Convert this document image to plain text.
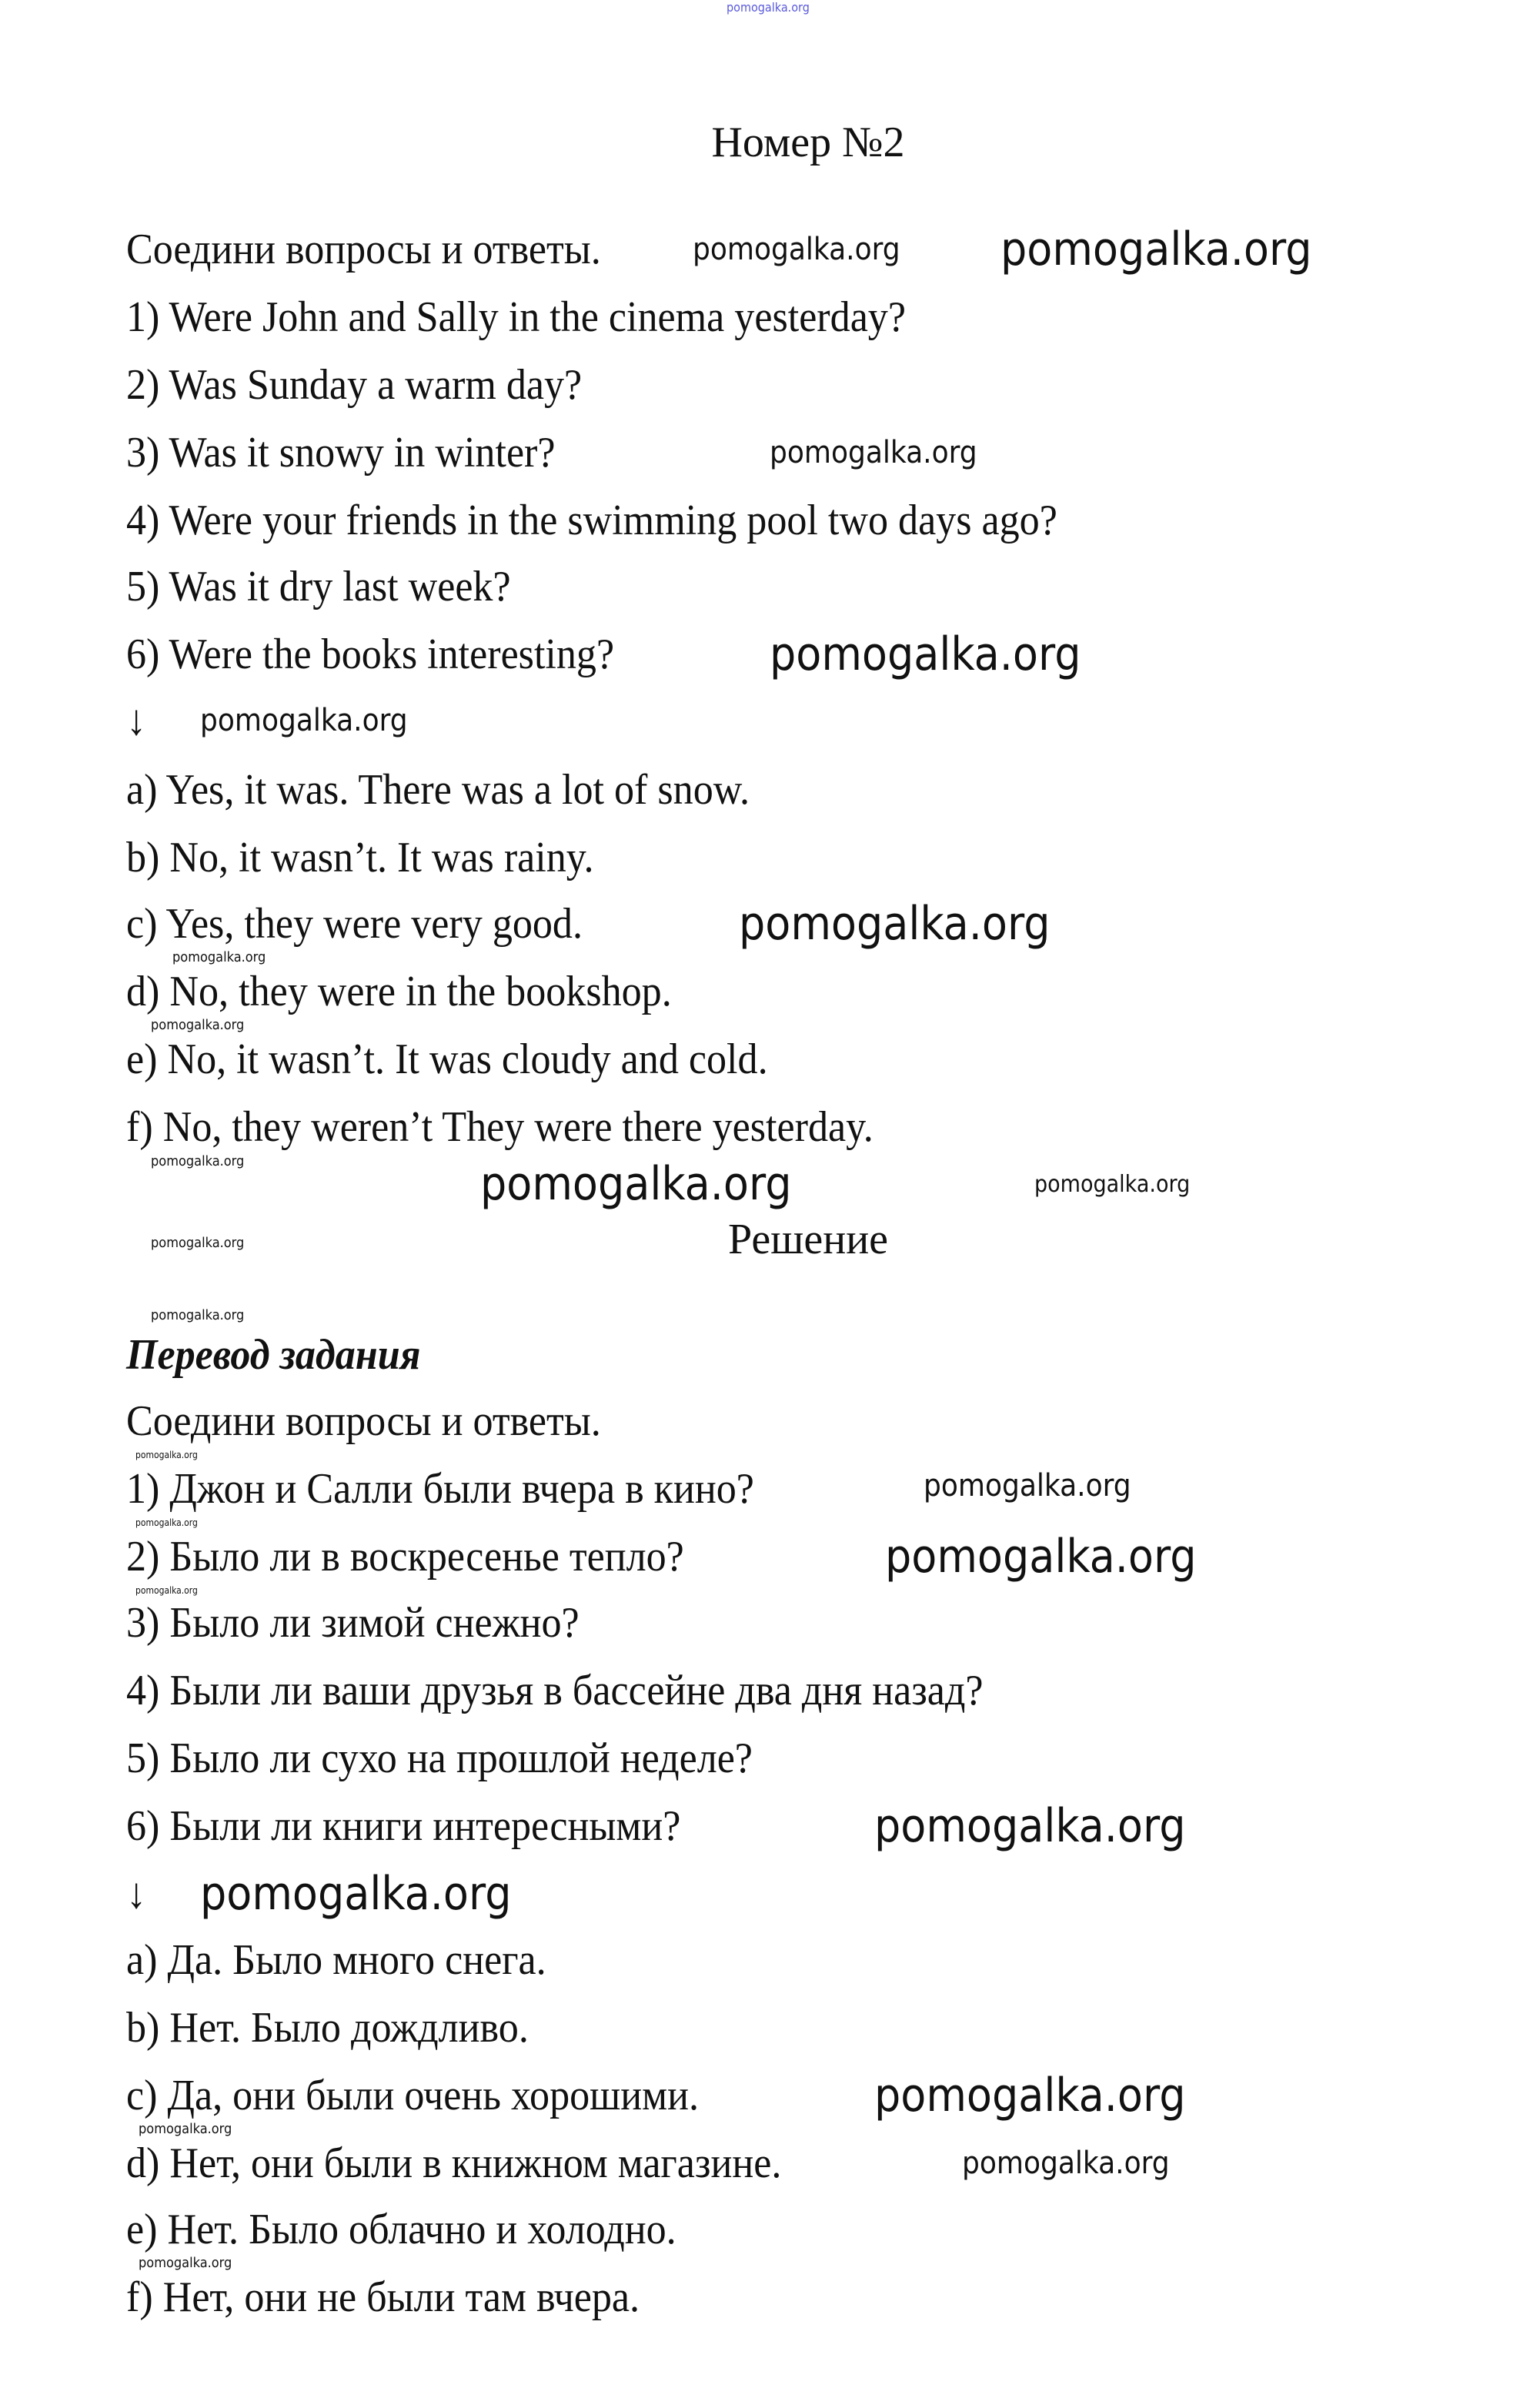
Номер №2
Соедини вопросы и ответы.
1) Were John and Sally in the cinema yesterday?
2) Was Sunday a warm day?
3) Was it snowy in winter?
4) Were your friends in the swimming pool two days ago?
5) Was it dry last week?
6) Were the books interesting?
↓
a) Yes, it was. There was a lot of snow.
b) No, it wasn’t. It was rainy.
c) Yes, they were very good.
d) No, they were in the bookshop.
e) No, it wasn’t. It was cloudy and cold.
f) No, they weren’t They were there yesterday.
Решение
Перевод задания
Соедини вопросы и ответы.
1) Джон и Салли были вчера в кино?
2) Было ли в воскресенье тепло?
3) Было ли зимой снежно?
4) Были ли ваши друзья в бассейне два дня назад?
5) Было ли сухо на прошлой неделе?
6) Были ли книги интересными?
↓
a) Да. Было много снега.
b) Нет. Было дождливо.
c) Да, они были очень хорошими.
d) Нет, они были в книжном магазине.
e) Нет. Было облачно и холодно.
f) Нет, они не были там вчера.
pomogalka.org
pomogalka.org pomogalka.org
pomogalka.org
pomogalka.org
pomogalka.org
pomogalka.org
pomogalka.org
pomogalka.org
pomogalka.org	pomogalka.org	pomogalka.org
pomogalka.org
pomogalka.org
pomogalka.org
pomogalka.org
pomogalka.org
pomogalka.org
pomogalka.org
pomogalka.org
pomogalka.org
pomogalka.org
pomogalka.org
pomogalka.org
pomogalka.org
